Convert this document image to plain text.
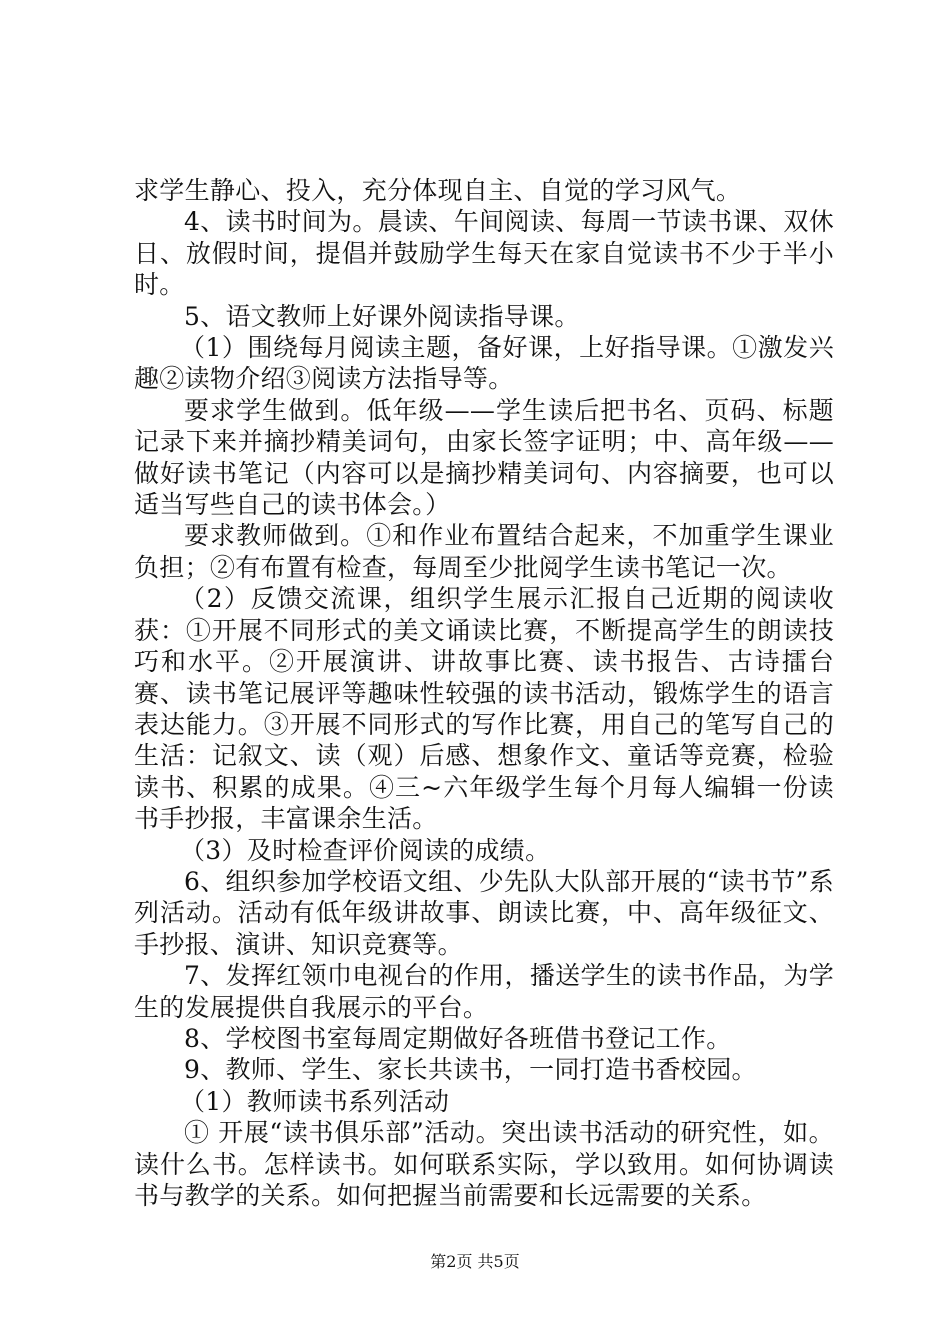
求学生静心、投入，充分体现自主、自觉的学习风气。

4、读书时间为。晨读、午间阅读、每周一节读书课、双休日、放假时间，提倡并鼓励学生每天在家自觉读书不少于半小时。

5、语文教师上好课外阅读指导课。

（1）围绕每月阅读主题，备好课，上好指导课。①激发兴趣②读物介绍③阅读方法指导等。

要求学生做到。低年级——学生读后把书名、页码、标题记录下来并摘抄精美词句，由家长签字证明；中、高年级——做好读书笔记（内容可以是摘抄精美词句、内容摘要，也可以适当写些自己的读书体会。）

要求教师做到。①和作业布置结合起来，不加重学生课业负担；②有布置有检查，每周至少批阅学生读书笔记一次。

（2）反馈交流课，组织学生展示汇报自己近期的阅读收获：①开展不同形式的美文诵读比赛，不断提高学生的朗读技巧和水平。②开展演讲、讲故事比赛、读书报告、古诗擂台赛、读书笔记展评等趣味性较强的读书活动，锻炼学生的语言表达能力。③开展不同形式的写作比赛，用自己的笔写自己的生活：记叙文、读（观）后感、想象作文、童话等竞赛，检验读书、积累的成果。④三~六年级学生每个月每人编辑一份读书手抄报，丰富课余生活。

（3）及时检查评价阅读的成绩。

6、组织参加学校语文组、少先队大队部开展的“读书节”系列活动。活动有低年级讲故事、朗读比赛，中、高年级征文、手抄报、演讲、知识竞赛等。

7、发挥红领巾电视台的作用，播送学生的读书作品，为学生的发展提供自我展示的平台。

8、学校图书室每周定期做好各班借书登记工作。

9、教师、学生、家长共读书，一同打造书香校园。

（1）教师读书系列活动

① 开展“读书俱乐部”活动。突出读书活动的研究性，如。读什么书。怎样读书。如何联系实际，学以致用。如何协调读书与教学的关系。如何把握当前需要和长远需要的关系。

第2页 共5页
